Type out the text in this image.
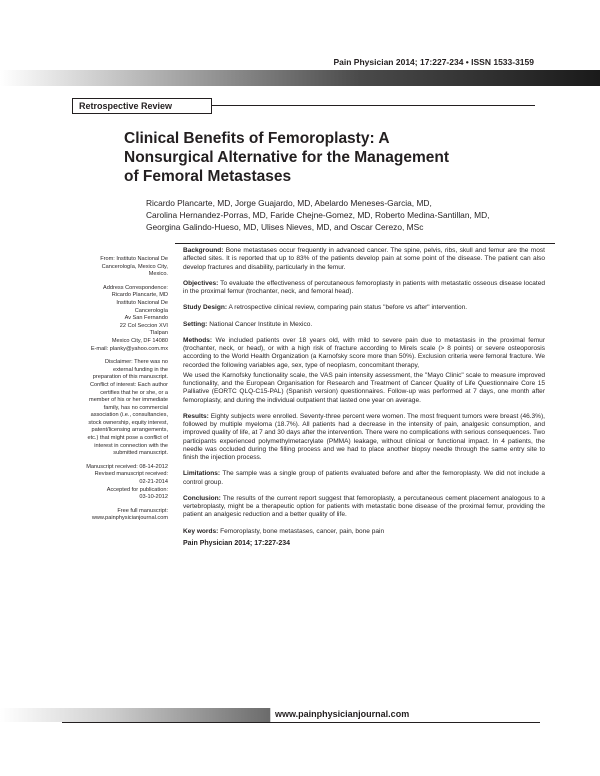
Pain Physician 2014; 17:227-234 • ISSN 1533-3159
Retrospective Review
Clinical Benefits of Femoroplasty: A
Nonsurgical Alternative for the Management
of Femoral Metastases
Ricardo Plancarte, MD, Jorge Guajardo, MD, Abelardo Meneses-Garcia, MD,
Carolina Hernandez-Porras, MD, Faride Chejne-Gomez, MD, Roberto Medina-Santillan, MD,
Georgina Galindo-Hueso, MD, Ulises Nieves, MD, and Oscar Cerezo, MSc
From: Instituto Nacional De
Cancerología, Mexico City,
Mexico.
Address Correspondence:
Ricardo Plancarte, MD
Instituto Nacional De
Cancerología
Av San Fernando
22 Col Seccion XVI
Tlalpan
Mexico City, DF 14080
E-mail: planky@yahoo.com.mx
Disclaimer: There was no
external funding in the
preparation of this manuscript.
Conflict of interest: Each author
certifies that he or she, or a
member of his or her immediate
family, has no commercial
association (i.e., consultancies,
stock ownership, equity interest,
patent/licensing arrangements,
etc.) that might pose a conflict of
interest in connection with the
submitted manuscript.
Manuscript received: 08-14-2012
Revised manuscript received:
02-21-2014
Accepted for publication:
03-10-2012
Free full manuscript:
www.painphysicianjournal.com

Background: Bone metastases occur frequently in advanced cancer. The spine, pelvis, ribs, skull and femur are the most affected sites. It is reported that up to 83% of the patients develop pain at some point of the disease. The patient can also develop fractures and disability, particularly in the femur.

Objectives: To evaluate the effectiveness of percutaneous femoroplasty in patients with metastatic osseous disease located in the proximal femur (trochanter, neck, and femoral head).

Study Design: A retrospective clinical review, comparing pain status "before vs after" intervention.

Setting: National Cancer Institute in Mexico.

Methods: We included patients over 18 years old, with mild to severe pain due to metastasis in the proximal femur (trochanter, neck, or head), or with a high risk of fracture according to Mirels scale (> 8 points) or severe osteoporosis according to the World Health Organization (a Karnofsky score more than 50%). Exclusion criteria were femoral fracture. We recorded the following variables age, sex, type of neoplasm, concomitant therapy,

We used the Karnofsky functionality scale, the VAS pain intensity assessment, the "Mayo Clinic" scale to measure improved functionality, and the European Organisation for Research and Treatment of Cancer Quality of Life Questionnaire Core 15 Palliative (EORTC QLQ-C15-PAL) (Spanish version) questionnaires. Follow-up was performed at 7 days, one month after femoroplasty, and during the individual outpatient that lasted one year on average.

Results: Eighty subjects were enrolled. Seventy-three percent were women. The most frequent tumors were breast (46.3%), followed by multiple myeloma (18.7%). All patients had a decrease in the intensity of pain, analgesic consumption, and improved quality of life, at 7 and 30 days after the intervention. There were no complications with serious consequences. Two participants experienced polymethylmetacrylate (PMMA) leakage, without clinical or functional impact. In 4 patients, the needle was occluded during the filling process and we had to place another biopsy needle through the same entry site to finish the injection process.

Limitations: The sample was a single group of patients evaluated before and after the femoroplasty. We did not include a control group.

Conclusion: The results of the current report suggest that femoroplasty, a percutaneous cement placement analogous to a vertebroplasty, might be a therapeutic option for patients with metastatic bone disease of the proximal femur, providing the patient an analgesic reduction and a better quality of life.

Key words: Femoroplasty, bone metastases, cancer, pain, bone pain

Pain Physician 2014; 17:227-234
www.painphysicianjournal.com
